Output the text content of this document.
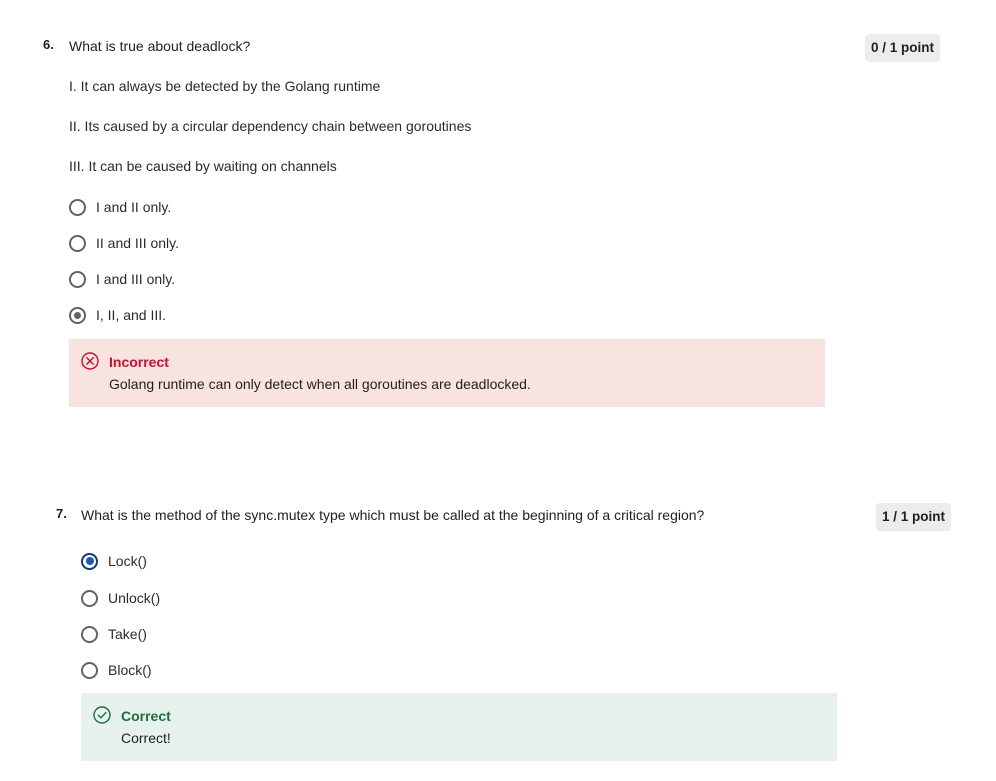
6. What is true about deadlock?	0 / 1 point
I. It can always be detected by the Golang runtime
II. Its caused by a circular dependency chain between goroutines
III. It can be caused by waiting on channels
I and II only.
II and III only.
I and III only.
I, II, and III.
Incorrect
Golang runtime can only detect when all goroutines are deadlocked.
7. What is the method of the sync.mutex type which must be called at the beginning of a critical region?	1 / 1 point
Lock()
Unlock()
Take()
Block()
Correct
Correct!
